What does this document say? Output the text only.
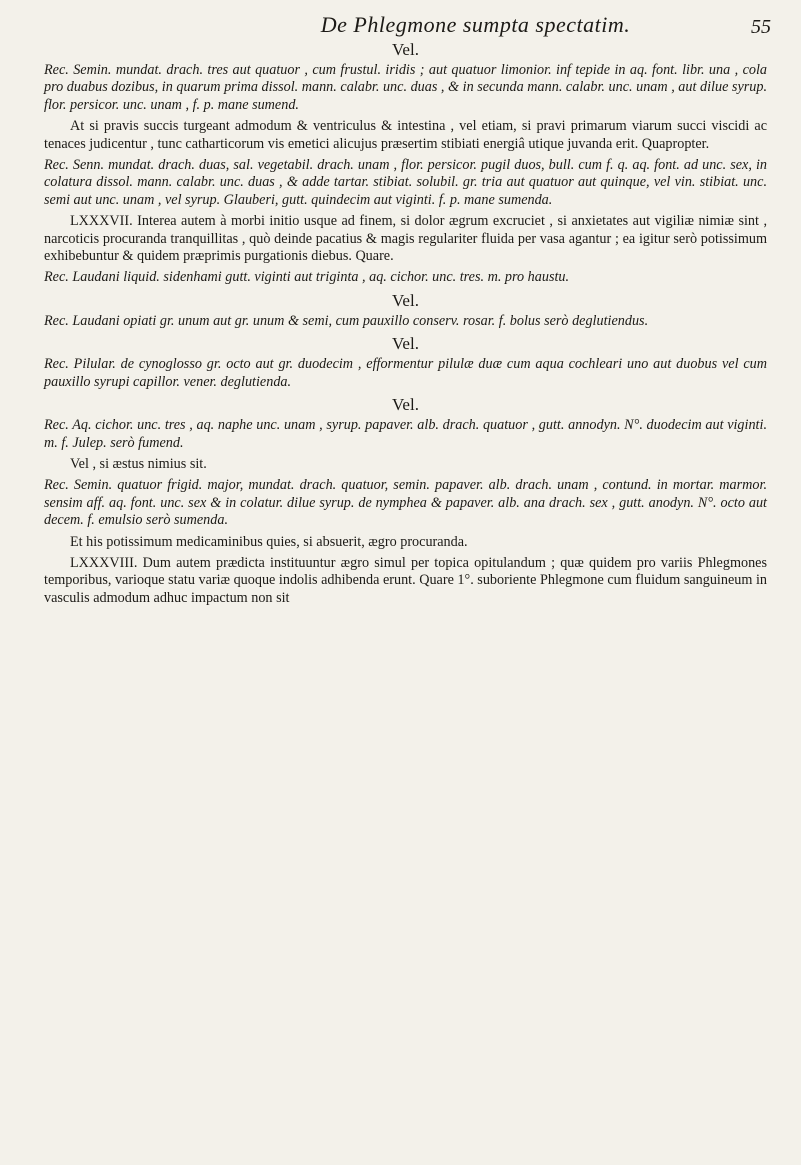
De Phlegmone sumpta spectatim.	55
Vel.

Rec. Semin. mundat. drach. tres aut quatuor , cum frustul. iridis ; aut quatuor limonior. inf tepide in aq. font. libr. una , cola pro duabus dozibus, in quarum prima dissol. mann. calabr. unc. duas , & in secunda mann. calabr. unc. unam , aut dilue syrup. flor. persicor. unc. unam , f. p. mane sumend.

At si pravis succis turgeant admodum & ventriculus & intestina , vel etiam, si pravi primarum viarum succi viscidi ac tenaces judicentur , tunc catharticorum vis emetici alicujus præsertim stibiati energiâ utique juvanda erit. Quapropter.

Rec. Senn. mundat. drach. duas, sal. vegetabil. drach. unam , flor. persicor. pugil duos, bull. cum f. q. aq. font. ad unc. sex, in colatura dissol. mann. calabr. unc. duas , & adde tartar. stibiat. solubil. gr. tria aut quatuor aut quinque, vel vin. stibiat. unc. semi aut unc. unam , vel syrup. Glauberi, gutt. quindecim aut viginti. f. p. mane sumenda.

LXXXVII. Interea autem à morbi initio usque ad finem, si dolor ægrum excruciet , si anxietates aut vigiliæ nimiæ sint , narcoticis procuranda tranquillitas , quò deinde pacatius & magis regulariter fluida per vasa agantur ; ea igitur serò potissimum exhibebuntur & quidem præprimis purgationis diebus. Quare.

Rec. Laudani liquid. sidenhami gutt. viginti aut triginta , aq. cichor. unc. tres. m. pro haustu.

Vel.

Rec. Laudani opiati gr. unum aut gr. unum & semi, cum pauxillo conserv. rosar. f. bolus serò deglutiendus.

Vel.

Rec. Pilular. de cynoglosso gr. octo aut gr. duodecim , efformentur pilulæ duæ cum aqua cochleari uno aut duobus vel cum pauxillo syrupi capillor. vener. deglutienda.

Vel.

Rec. Aq. cichor. unc. tres , aq. naphe unc. unam , syrup. papaver. alb. drach. quatuor , gutt. annodyn. N°. duodecim aut viginti. m. f. Julep. serò fumend.

Vel , si æstus nimius sit.

Rec. Semin. quatuor frigid. major, mundat. drach. quatuor, semin. papaver. alb. drach. unam , contund. in mortar. marmor. sensim aff. aq. font. unc. sex & in colatur. dilue syrup. de nymphea & papaver. alb. ana drach. sex , gutt. anodyn. N°. octo aut decem. f. emulsio serò sumenda.

Et his potissimum medicaminibus quies, si absuerit, ægro procuranda.

LXXXVIII. Dum autem prædicta instituuntur ægro simul per topica opitulandum ; quæ quidem pro variis Phlegmones temporibus, varioque statu variæ quoque indolis adhibenda erunt. Quare 1°. suboriente Phlegmone cum fluidum sanguineum in vasculis admodum adhuc impactum non sit
